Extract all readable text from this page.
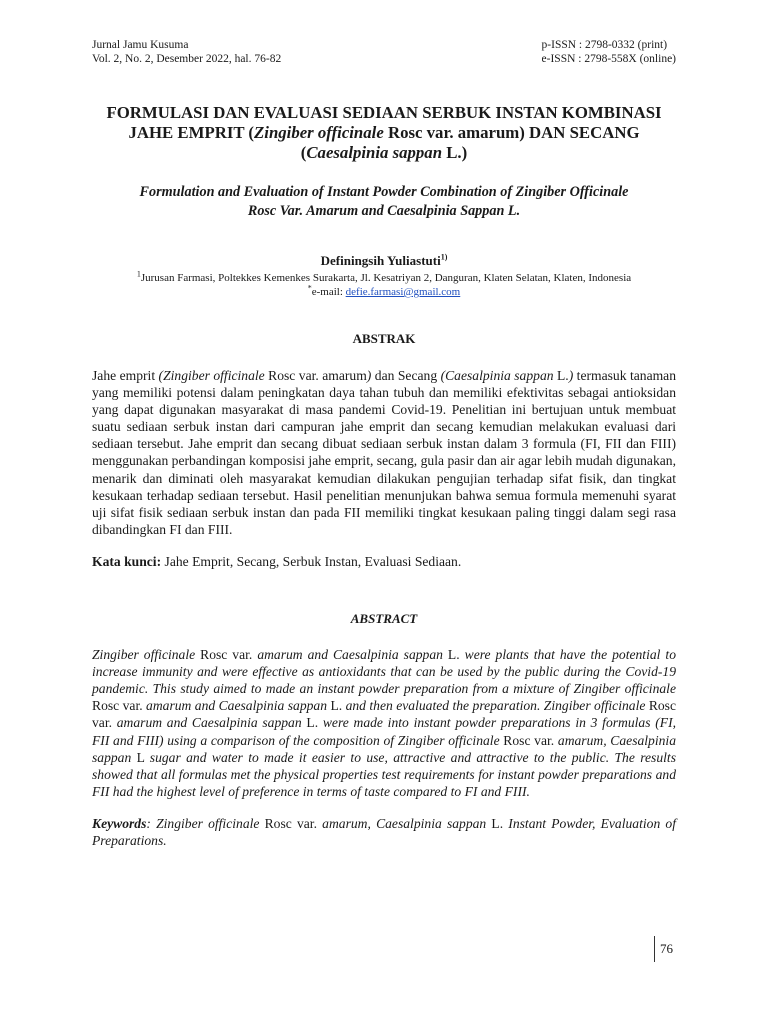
Jurnal Jamu Kusuma
Vol. 2, No. 2, Desember 2022, hal. 76-82
p-ISSN : 2798-0332 (print)
e-ISSN : 2798-558X (online)
FORMULASI DAN EVALUASI SEDIAAN SERBUK INSTAN KOMBINASI
JAHE EMPRIT (Zingiber officinale Rosc var. amarum) DAN SECANG
(Caesalpinia sappan L.)
Formulation and Evaluation of Instant Powder Combination of Zingiber Officinale
Rosc Var. Amarum and Caesalpinia Sappan L.
Definingsih Yuliastuti$^{1)}$
$^1$Jurusan Farmasi, Poltekkes Kemenkes Surakarta, Jl. Kesatriyan 2, Danguran, Klaten Selatan, Klaten, Indonesia
*e-mail: defie.farmasi@gmail.com
ABSTRAK
Jahe emprit (Zingiber officinale Rosc var. amarum) dan Secang (Caesalpinia sappan L.) termasuk tanaman yang memiliki potensi dalam peningkatan daya tahan tubuh dan memiliki efektivitas sebagai antioksidan yang dapat digunakan masyarakat di masa pandemi Covid-19. Penelitian ini bertujuan untuk membuat suatu sediaan serbuk instan dari campuran jahe emprit dan secang kemudian melakukan evaluasi dari sediaan tersebut. Jahe emprit dan secang dibuat sediaan serbuk instan dalam 3 formula (FI, FII dan FIII) menggunakan perbandingan komposisi jahe emprit, secang, gula pasir dan air agar lebih mudah digunakan, menarik dan diminati oleh masyarakat kemudian dilakukan pengujian terhadap sifat fisik, dan tingkat kesukaan terhadap sediaan tersebut. Hasil penelitian menunjukan bahwa semua formula memenuhi syarat uji sifat fisik sediaan serbuk instan dan pada FII memiliki tingkat kesukaan paling tinggi dalam segi rasa dibandingkan FI dan FIII.
Kata kunci: Jahe Emprit, Secang, Serbuk Instan, Evaluasi Sediaan.
ABSTRACT
Zingiber officinale Rosc var. amarum and Caesalpinia sappan L. were plants that have the potential to increase immunity and were effective as antioxidants that can be used by the public during the Covid-19 pandemic. This study aimed to made an instant powder preparation from a mixture of Zingiber officinale Rosc var. amarum and Caesalpinia sappan L. and then evaluated the preparation. Zingiber officinale Rosc var. amarum and Caesalpinia sappan L. were made into instant powder preparations in 3 formulas (FI, FII and FIII) using a comparison of the composition of Zingiber officinale Rosc var. amarum, Caesalpinia sappan L sugar and water to made it easier to use, attractive and attractive to the public. The results showed that all formulas met the physical properties test requirements for instant powder preparations and FII had the highest level of preference in terms of taste compared to FI and FIII.
Keywords: Zingiber officinale Rosc var. amarum, Caesalpinia sappan L. Instant Powder, Evaluation of Preparations.
76
